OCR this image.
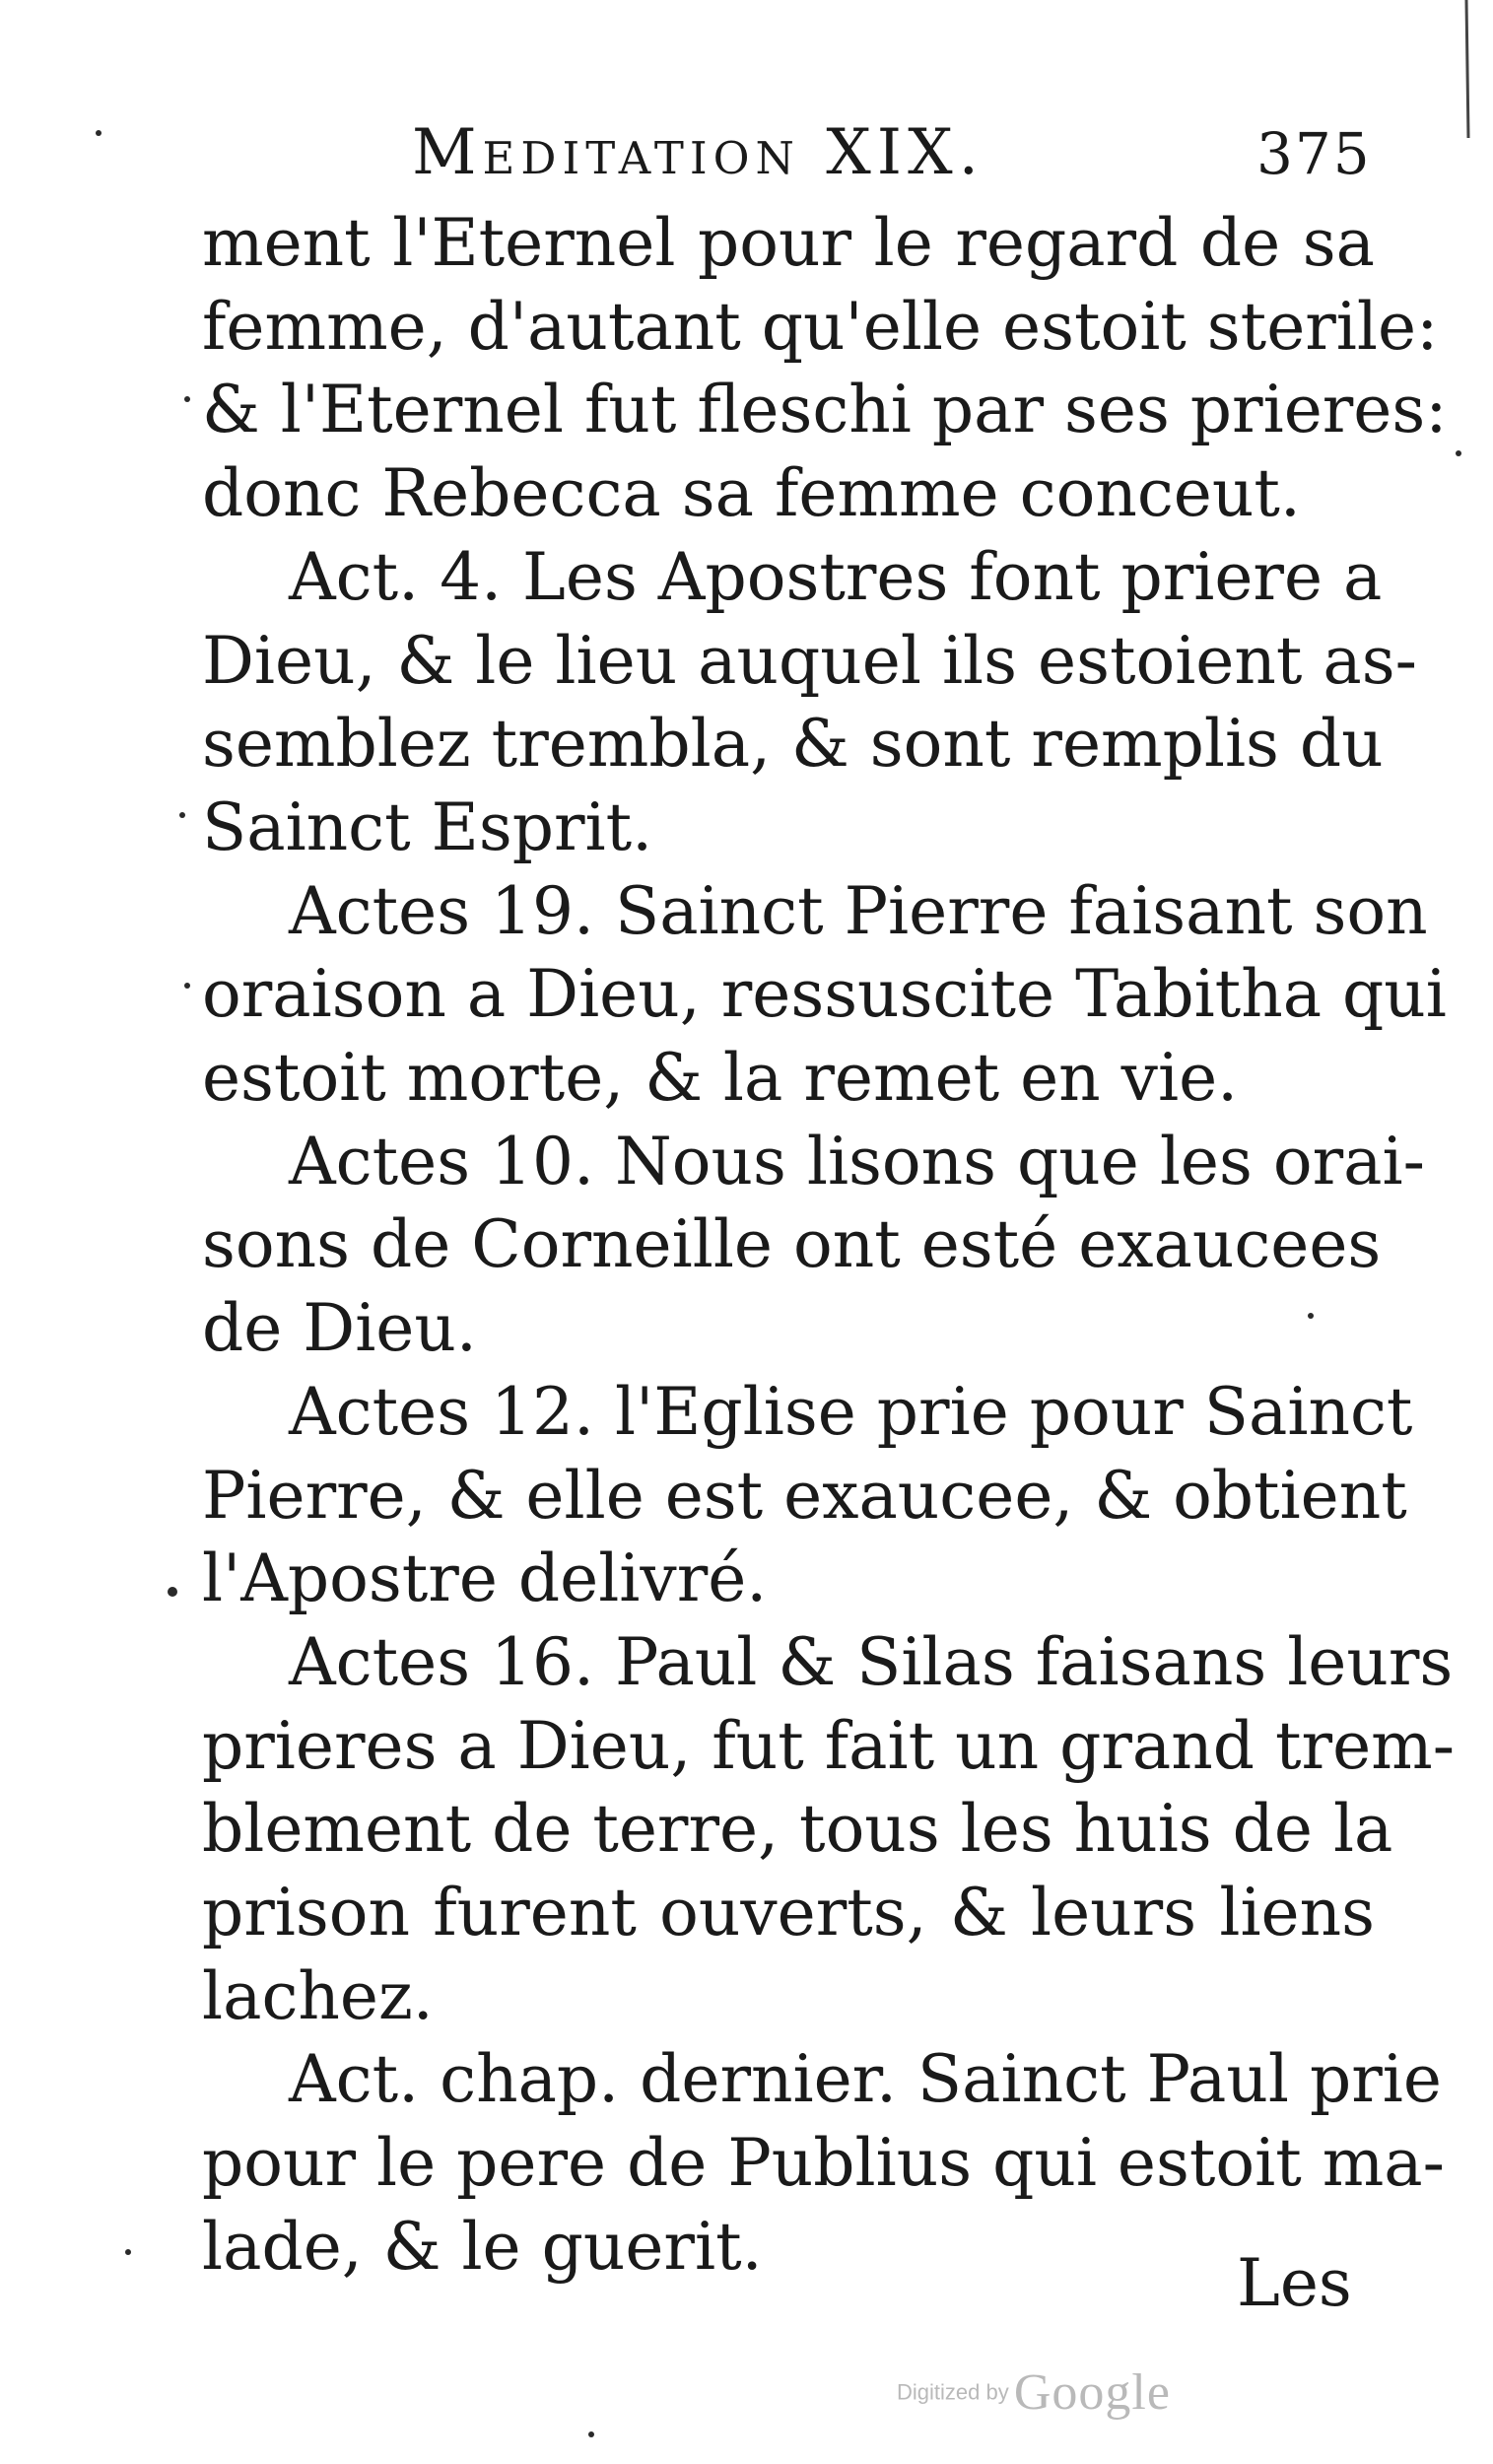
Meditation XIX.	375
ment l'Eternel pour le regard de sa
femme, d'autant qu'elle estoit sterile:
& l'Eternel fut fleschi par ses prieres:
donc Rebecca sa femme conceut.
Act. 4. Les Apostres font priere a
Dieu, & le lieu auquel ils estoient as-
semblez trembla, & sont remplis du
Sainct Esprit.
Actes 19. Sainct Pierre faisant son
oraison a Dieu, ressuscite Tabitha qui
estoit morte, & la remet en vie.
Actes 10. Nous lisons que les orai-
sons de Corneille ont esté exaucees
de Dieu.
Actes 12. l'Eglise prie pour Sainct
Pierre, & elle est exaucee, & obtient
l'Apostre delivré.
Actes 16. Paul & Silas faisans leurs
prieres a Dieu, fut fait un grand trem-
blement de terre, tous les huis de la
prison furent ouverts, & leurs liens
lachez.
Act. chap. dernier. Sainct Paul prie
pour le pere de Publius qui estoit ma-
lade, & le guerit.	Les
Digitized by Google
